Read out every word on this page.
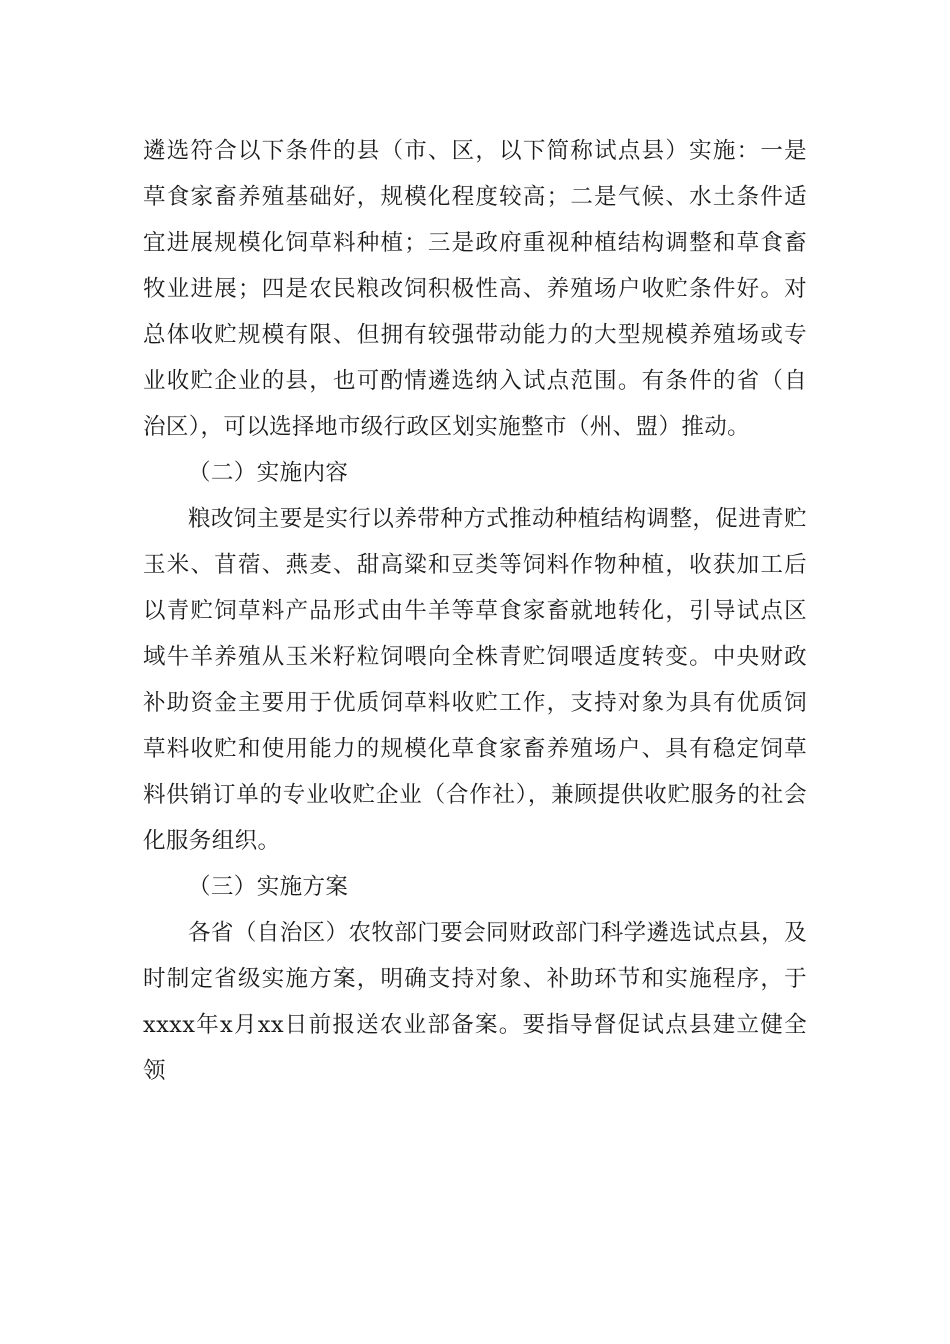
遴选符合以下条件的县（市、区，以下简称试点县）实施：一是草食家畜养殖基础好，规模化程度较高；二是气候、水土条件适宜进展规模化饲草料种植；三是政府重视种植结构调整和草食畜牧业进展；四是农民粮改饲积极性高、养殖场户收贮条件好。对总体收贮规模有限、但拥有较强带动能力的大型规模养殖场或专业收贮企业的县，也可酌情遴选纳入试点范围。有条件的省（自治区），可以选择地市级行政区划实施整市（州、盟）推动。

（二）实施内容

粮改饲主要是实行以养带种方式推动种植结构调整，促进青贮玉米、苜蓿、燕麦、甜高粱和豆类等饲料作物种植，收获加工后以青贮饲草料产品形式由牛羊等草食家畜就地转化，引导试点区域牛羊养殖从玉米籽粒饲喂向全株青贮饲喂适度转变。中央财政补助资金主要用于优质饲草料收贮工作，支持对象为具有优质饲草料收贮和使用能力的规模化草食家畜养殖场户、具有稳定饲草料供销订单的专业收贮企业（合作社），兼顾提供收贮服务的社会化服务组织。

（三）实施方案

各省（自治区）农牧部门要会同财政部门科学遴选试点县，及时制定省级实施方案，明确支持对象、补助环节和实施程序，于xxxx年x月xx日前报送农业部备案。要指导督促试点县建立健全领
